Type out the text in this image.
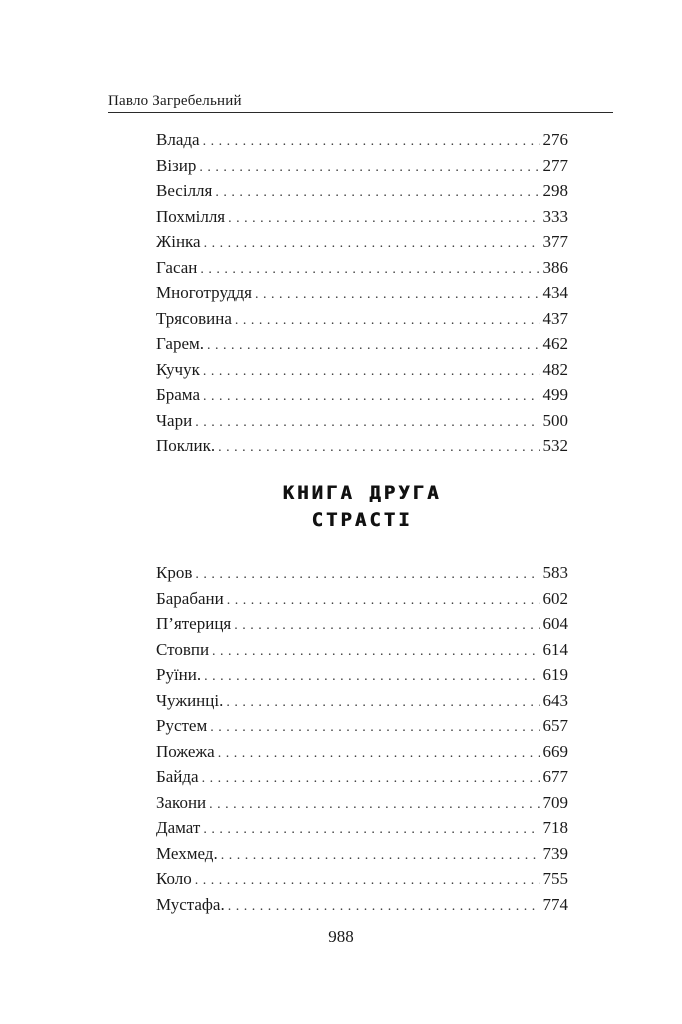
Павло Загребельний
Влада . . .	276
Візир . . .	277
Весілля . . .	298
Похмілля . . .	333
Жінка . . .	377
Гасан . . .	386
Многотруддя . . .	434
Трясовина . . .	437
Гарем. . . .	462
Кучук . . .	482
Брама . . .	499
Чари . . .	500
Поклик. . . .	532
КНИГА ДРУГА
СТРАСТІ
Кров . . .	583
Барабани . . .	602
П’ятериця . . .	604
Стовпи . . .	614
Руїни. . . .	619
Чужинці. . . .	643
Рустем . . .	657
Пожежа . . .	669
Байда . . .	677
Закони . . .	709
Дамат . . .	718
Мехмед. . . .	739
Коло . . .	755
Мустафа. . . .	774
988
